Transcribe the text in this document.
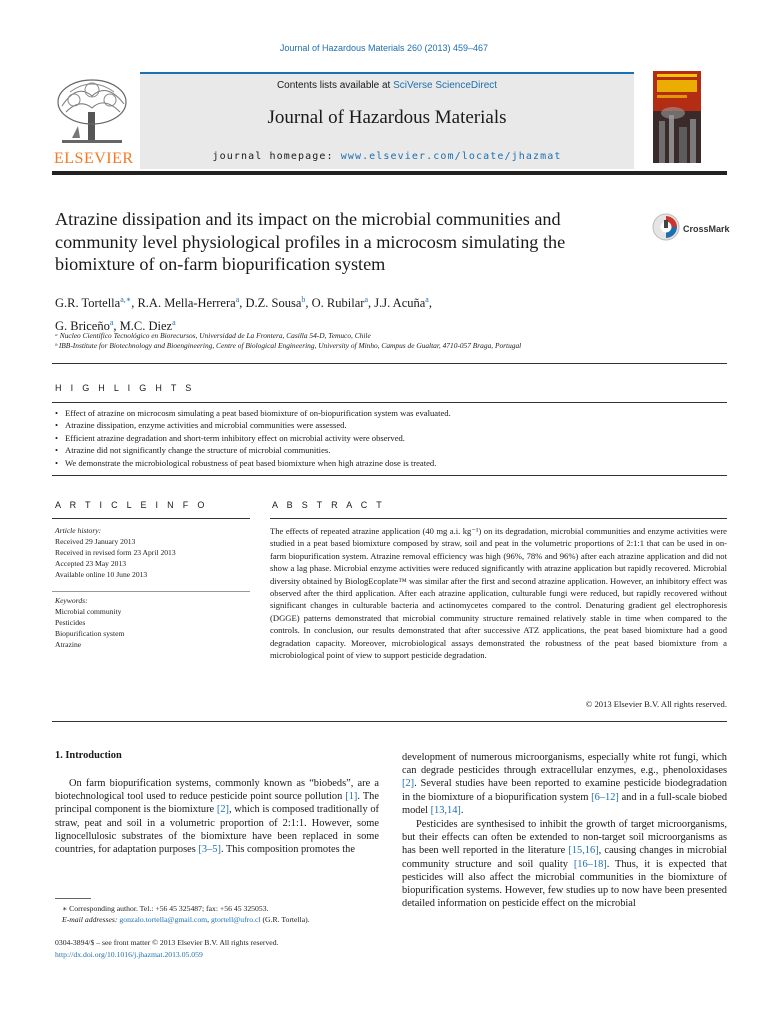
Journal of Hazardous Materials 260 (2013) 459–467
ELSEVIER
Contents lists available at SciVerse ScienceDirect
Journal of Hazardous Materials
journal homepage: www.elsevier.com/locate/jhazmat
Atrazine dissipation and its impact on the microbial communities and community level physiological profiles in a microcosm simulating the biomixture of on-farm biopurification system
CrossMark
G.R. Tortella$^{a,∗}$, R.A. Mella-Herrera$^a$, D.Z. Sousa$^b$, O. Rubilar$^a$, J.J. Acuña$^a$,
G. Briceño$^a$, M.C. Diez$^a$
ᵃ Nucleo Científico Tecnológico en Biorecursos, Universidad de La Frontera, Casilla 54-D, Temuco, Chile
ᵇ IBB-Institute for Biotechnology and Bioengineering, Centre of Biological Engineering, University of Minho, Campus de Gualtar, 4710-057 Braga, Portugal
H I G H L I G H T S
• Effect of atrazine on microcosm simulating a peat based biomixture of on-biopurification system was evaluated.
• Atrazine dissipation, enzyme activities and microbial communities were assessed.
• Efficient atrazine degradation and short-term inhibitory effect on microbial activity were observed.
• Atrazine did not significantly change the structure of microbial communities.
• We demonstrate the microbiological robustness of peat based biomixture when high atrazine dose is treated.
A R T I C L E I N F O
Article history:
Received 29 January 2013
Received in revised form 23 April 2013
Accepted 23 May 2013
Available online 10 June 2013
Keywords:
Microbial community
Pesticides
Biopurification system
Atrazine
A B S T R A C T
The effects of repeated atrazine application (40 mg a.i. kg⁻¹) on its degradation, microbial communities and enzyme activities were studied in a peat based biomixture composed by straw, soil and peat in the volumetric proportions of 2:1:1 that can be used in on-farm biopurification system. Atrazine removal efficiency was high (96%, 78% and 96%) after each atrazine application and did not show a lag phase. Microbial enzyme activities were reduced significantly with atrazine application but rapidly recovered. Microbial diversity obtained by BiologEcoplate™ was similar after the first and second atrazine application. However, an inhibitory effect was observed after the third application. After each atrazine application, culturable fungi were reduced, but rapidly recovered without significant changes in culturable bacteria and actinomycetes compared to the control. Denaturing gradient gel electrophoresis (DGGE) patterns demonstrated that microbial community structure remained relatively stable in time when compared to the controls. In conclusion, our results demonstrated that after successive ATZ applications, the peat based biomixture had a good degradation capacity. Moreover, microbiological assays demonstrated the robustness of the peat based biomixture from a microbiological point of view to support pesticide degradation.
© 2013 Elsevier B.V. All rights reserved.
1. Introduction
On farm biopurification systems, commonly known as “biobeds”, are a biotechnological tool used to reduce pesticide point source pollution [1]. The principal component is the biomixture [2], which is composed traditionally of straw, peat and soil in a volumetric proportion of 2:1:1. However, some lignocellulosic substrates of the biomixture have been replaced in some countries, for adaptation purposes [3–5]. This composition promotes the
development of numerous microorganisms, especially white rot fungi, which can degrade pesticides through extracellular enzymes, e.g., phenoloxidases [2]. Several studies have been reported to examine pesticide biodegradation in the biomixture of a biopurification system [6–12] and in a full-scale biobed model [13,14].
Pesticides are synthesised to inhibit the growth of target microorganisms, but their effects can often be extended to non-target soil microorganisms as has been well reported in the literature [15,16], causing changes in microbial community structure and soil quality [16–18]. Thus, it is expected that pesticides will also affect the microbial communities in the biomixture of biopurification systems. However, few studies up to now have been presented detailed information on pesticide effect on the microbial
∗ Corresponding author. Tel.: +56 45 325487; fax: +56 45 325053.
E-mail addresses: gonzalo.tortella@gmail.com, gtortell@ufro.cl (G.R. Tortella).
0304-3894/$ – see front matter © 2013 Elsevier B.V. All rights reserved.
http://dx.doi.org/10.1016/j.jhazmat.2013.05.059
